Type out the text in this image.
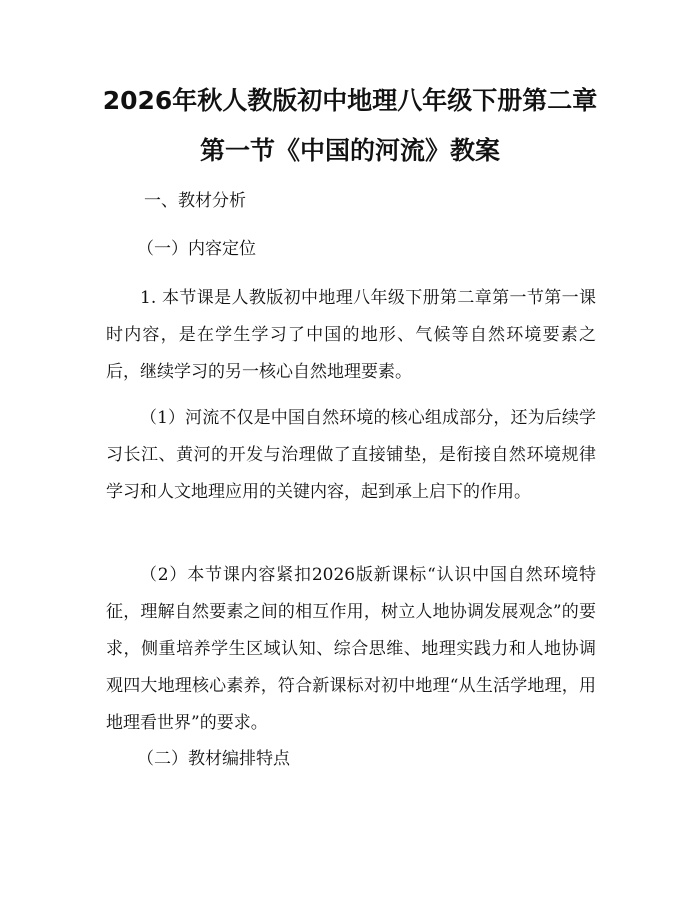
2026年秋人教版初中地理八年级下册第二章
第一节《中国的河流》教案

一、教材分析

（一）内容定位

1. 本节课是人教版初中地理八年级下册第二章第一节第一课时内容，是在学生学习了中国的地形、气候等自然环境要素之后，继续学习的另一核心自然地理要素。

（1）河流不仅是中国自然环境的核心组成部分，还为后续学习长江、黄河的开发与治理做了直接铺垫，是衔接自然环境规律学习和人文地理应用的关键内容，起到承上启下的作用。

（2）本节课内容紧扣2026版新课标“认识中国自然环境特征，理解自然要素之间的相互作用，树立人地协调发展观念”的要求，侧重培养学生区域认知、综合思维、地理实践力和人地协调观四大地理核心素养，符合新课标对初中地理“从生活学地理，用地理看世界”的要求。

（二）教材编排特点
